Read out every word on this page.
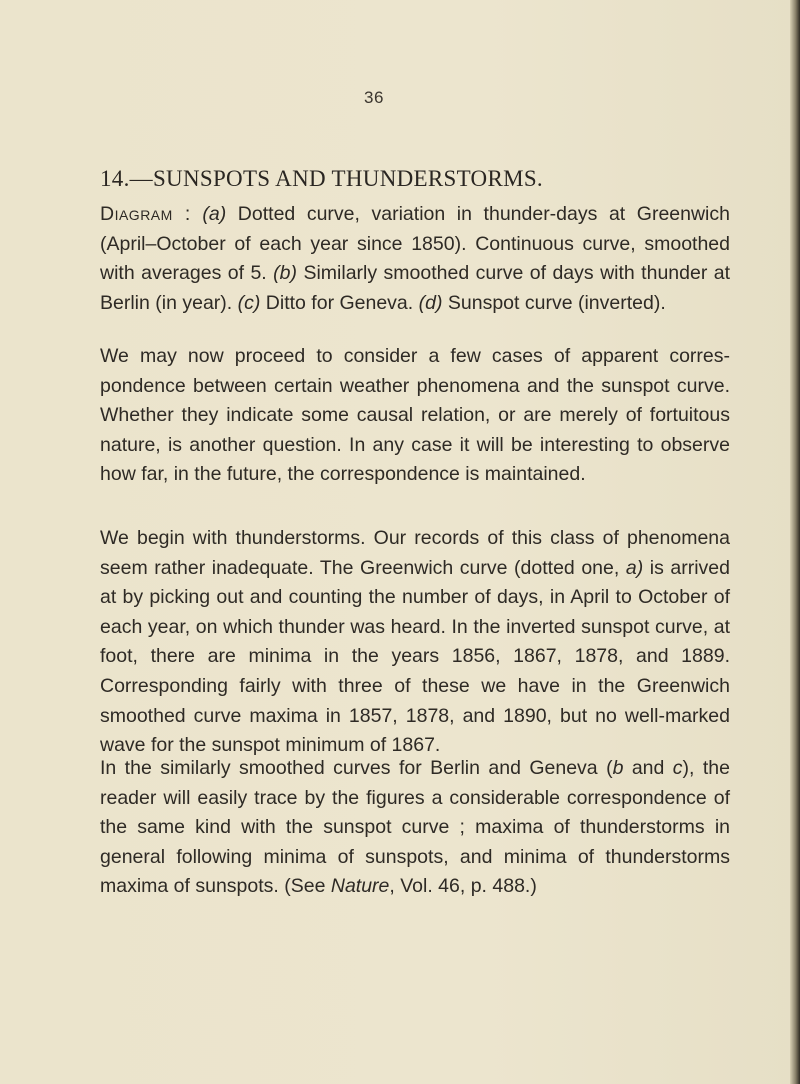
36
14.—SUNSPOTS AND THUNDERSTORMS.
Diagram : (a) Dotted curve, variation in thunder-days at Greenwich (April–October of each year since 1850). Continuous curve, smoothed with averages of 5. (b) Similarly smoothed curve of days with thunder at Berlin (in year). (c) Ditto for Geneva. (d) Sunspot curve (inverted).
We may now proceed to consider a few cases of apparent correspondence between certain weather phenomena and the sunspot curve. Whether they indicate some causal relation, or are merely of fortuitous nature, is another question. In any case it will be interesting to observe how far, in the future, the correspondence is maintained.
We begin with thunderstorms. Our records of this class of phenomena seem rather inadequate. The Greenwich curve (dotted one, a) is arrived at by picking out and counting the number of days, in April to October of each year, on which thunder was heard. In the inverted sunspot curve, at foot, there are minima in the years 1856, 1867, 1878, and 1889. Corresponding fairly with three of these we have in the Greenwich smoothed curve maxima in 1857, 1878, and 1890, but no well-marked wave for the sunspot minimum of 1867.
In the similarly smoothed curves for Berlin and Geneva (b and c), the reader will easily trace by the figures a considerable correspondence of the same kind with the sunspot curve ; maxima of thunderstorms in general following minima of sunspots, and minima of thunderstorms maxima of sunspots. (See Nature, Vol. 46, p. 488.)
